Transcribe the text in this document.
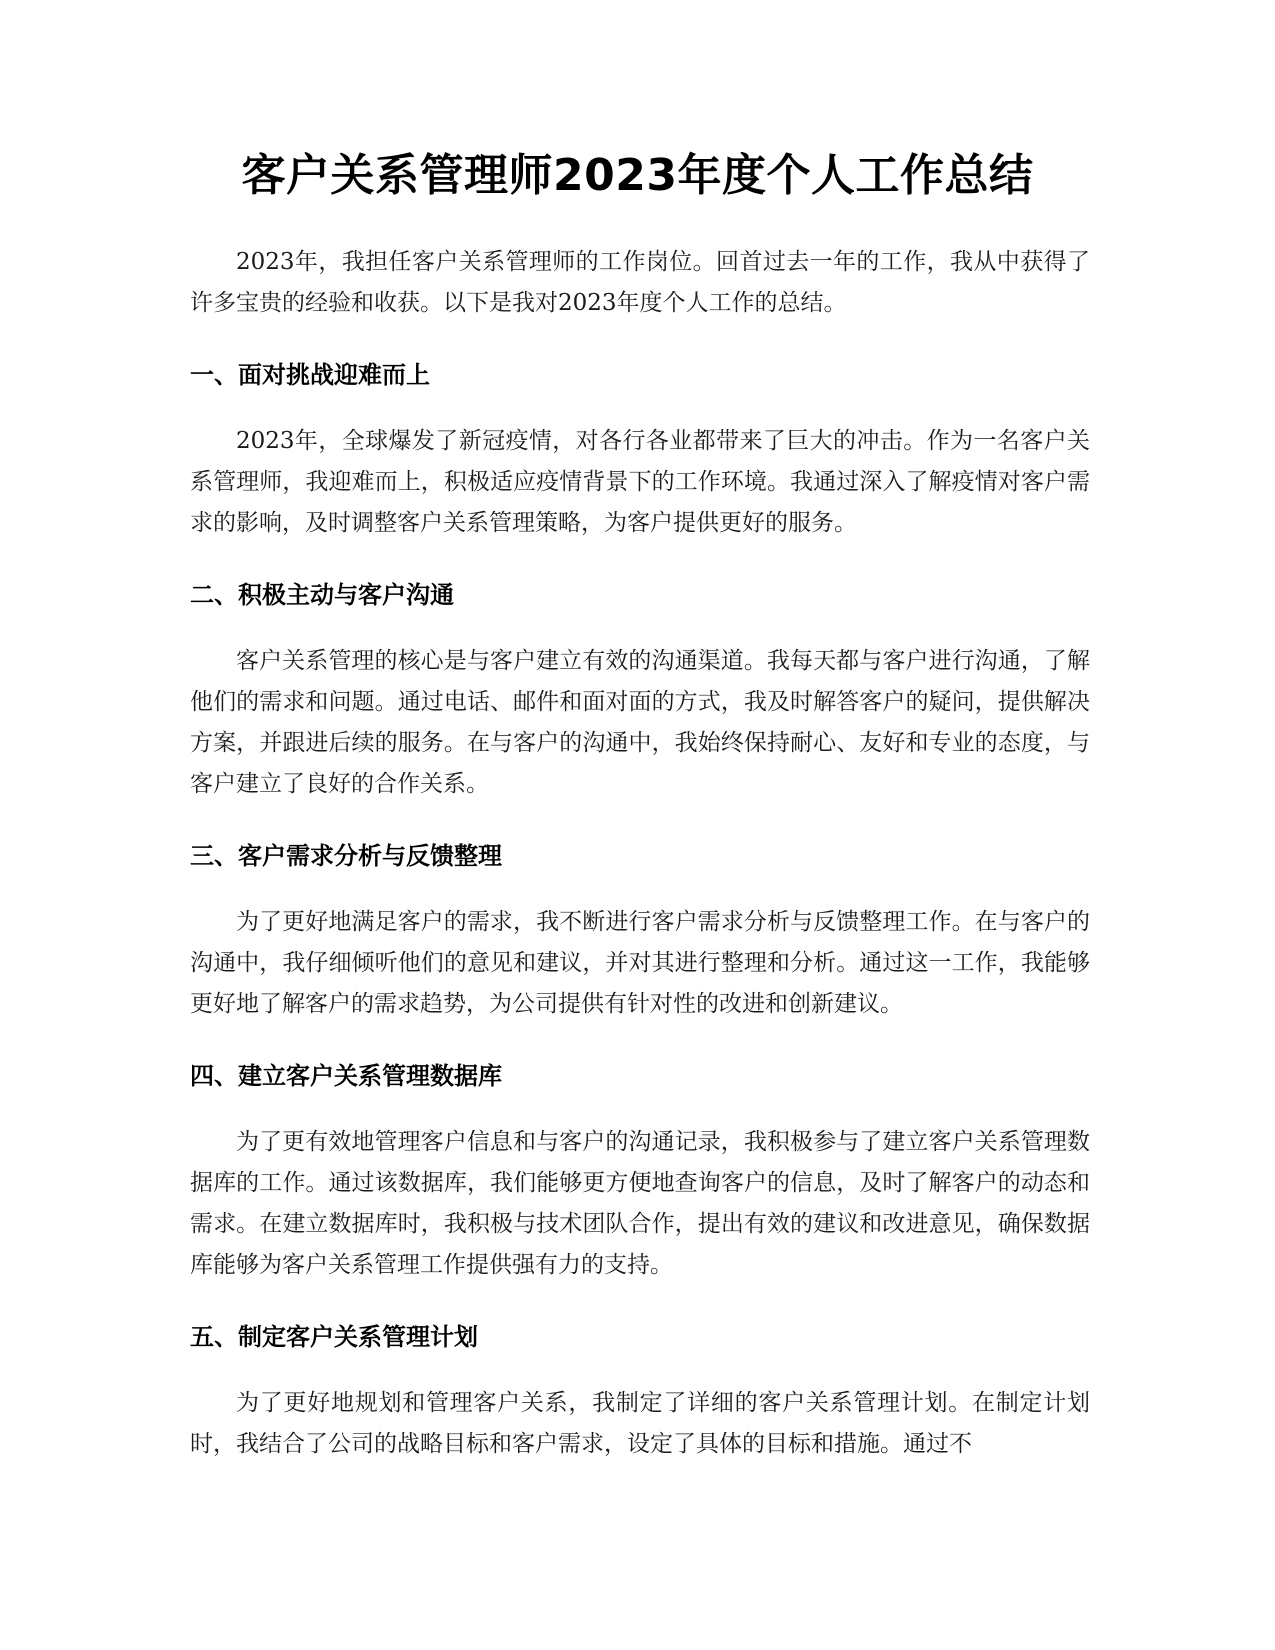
客户关系管理师2023年度个人工作总结

2023年，我担任客户关系管理师的工作岗位。回首过去一年的工作，我从中获得了许多宝贵的经验和收获。以下是我对2023年度个人工作的总结。

一、面对挑战迎难而上

2023年，全球爆发了新冠疫情，对各行各业都带来了巨大的冲击。作为一名客户关系管理师，我迎难而上，积极适应疫情背景下的工作环境。我通过深入了解疫情对客户需求的影响，及时调整客户关系管理策略，为客户提供更好的服务。

二、积极主动与客户沟通

客户关系管理的核心是与客户建立有效的沟通渠道。我每天都与客户进行沟通，了解他们的需求和问题。通过电话、邮件和面对面的方式，我及时解答客户的疑问，提供解决方案，并跟进后续的服务。在与客户的沟通中，我始终保持耐心、友好和专业的态度，与客户建立了良好的合作关系。

三、客户需求分析与反馈整理

为了更好地满足客户的需求，我不断进行客户需求分析与反馈整理工作。在与客户的沟通中，我仔细倾听他们的意见和建议，并对其进行整理和分析。通过这一工作，我能够更好地了解客户的需求趋势，为公司提供有针对性的改进和创新建议。

四、建立客户关系管理数据库

为了更有效地管理客户信息和与客户的沟通记录，我积极参与了建立客户关系管理数据库的工作。通过该数据库，我们能够更方便地查询客户的信息，及时了解客户的动态和需求。在建立数据库时，我积极与技术团队合作，提出有效的建议和改进意见，确保数据库能够为客户关系管理工作提供强有力的支持。

五、制定客户关系管理计划

为了更好地规划和管理客户关系，我制定了详细的客户关系管理计划。在制定计划时，我结合了公司的战略目标和客户需求，设定了具体的目标和措施。通过不
